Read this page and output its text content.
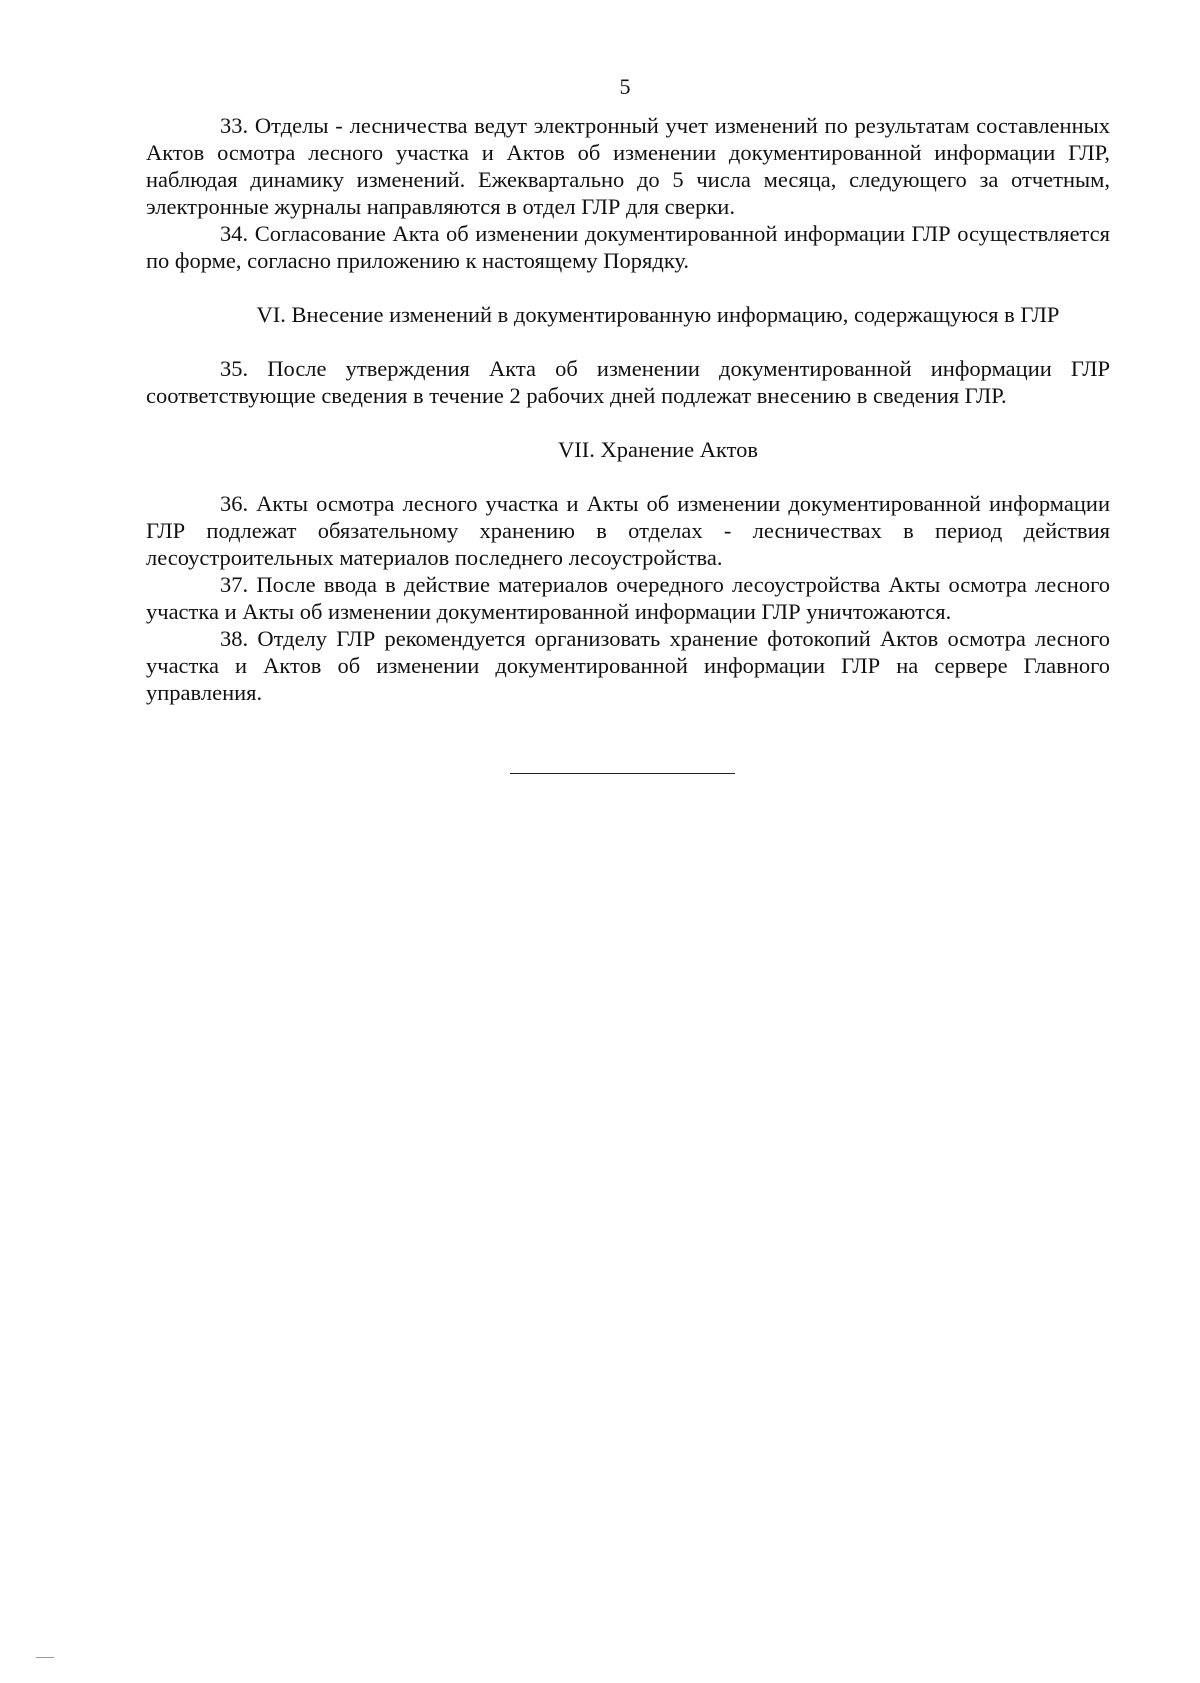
5

33. Отделы - лесничества ведут электронный учет изменений по результатам составленных Актов осмотра лесного участка и Актов об изменении документированной информации ГЛР, наблюдая динамику изменений. Ежеквартально до 5 числа месяца, следующего за отчетным, электронные журналы направляются в отдел ГЛР для сверки.

34. Согласование Акта об изменении документированной информации ГЛР осуществляется по форме, согласно приложению к настоящему Порядку.

VI. Внесение изменений в документированную информацию, содержащуюся в ГЛР

35. После утверждения Акта об изменении документированной информации ГЛР соответствующие сведения в течение 2 рабочих дней подлежат внесению в сведения ГЛР.

VII. Хранение Актов

36. Акты осмотра лесного участка и Акты об изменении документированной информации ГЛР подлежат обязательному хранению в отделах - лесничествах в период действия лесоустроительных материалов последнего лесоустройства.

37. После ввода в действие материалов очередного лесоустройства Акты осмотра лесного участка и Акты об изменении документированной информации ГЛР уничтожаются.

38. Отделу ГЛР рекомендуется организовать хранение фотокопий Актов осмотра лесного участка и Актов об изменении документированной информации ГЛР на сервере Главного управления.
